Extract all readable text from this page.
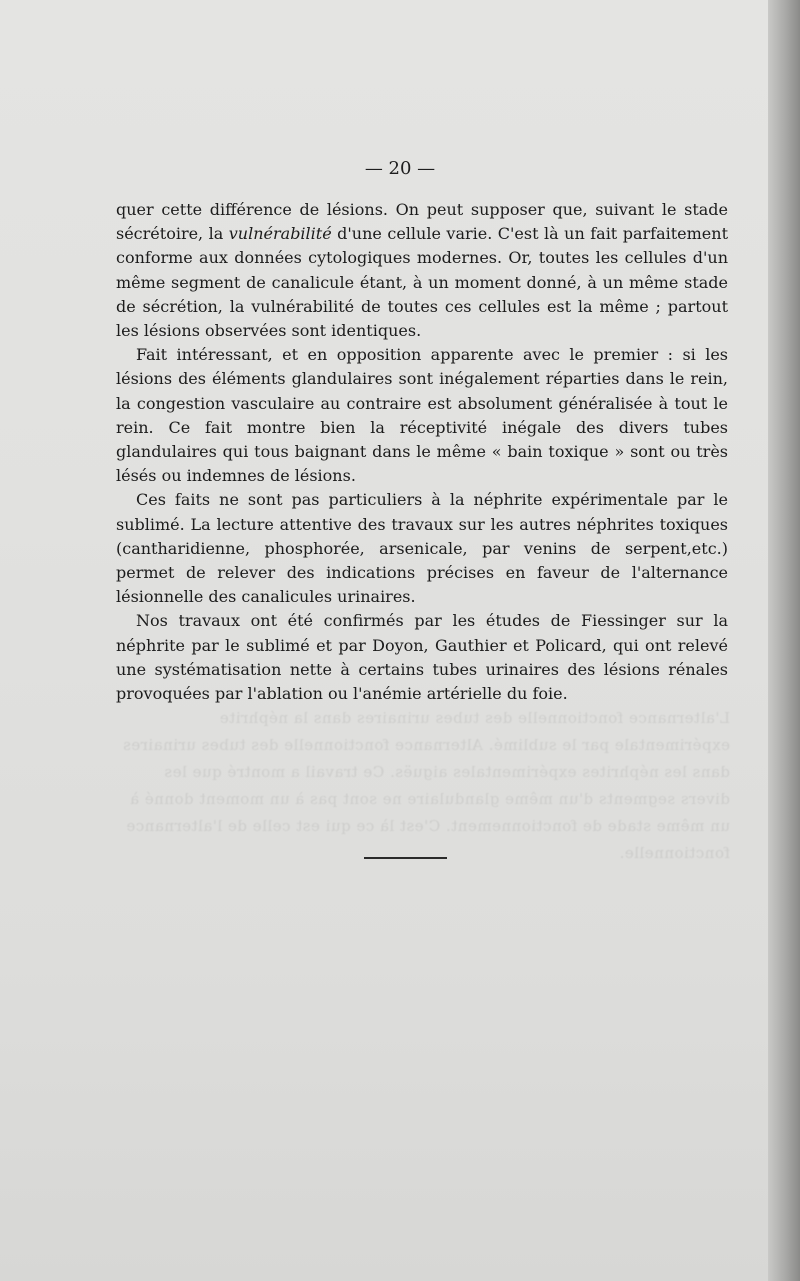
L'alternance fonctionnelle des tubes urinaires dans la néphrite expérimentale par le sublimé. Alternance fonctionnelle des tubes urinaires dans les néphrites expérimentales aiguës. Ce travail a montré que les divers segments d'un même glandulaire ne sont pas à un moment donné à un même stade de fonctionnement. C'est là ce qui est celle de l'alternance fonctionnelle.
— 20 —

quer cette différence de lésions. On peut supposer que, suivant le stade sécrétoire, la vulnérabilité d'une cellule varie. C'est là un fait parfaitement conforme aux données cytologiques modernes. Or, toutes les cellules d'un même segment de canalicule étant, à un moment donné, à un même stade de sécrétion, la vulnérabilité de toutes ces cellules est la même ; partout les lésions observées sont identiques.

Fait intéressant, et en opposition apparente avec le premier : si les lésions des éléments glandulaires sont inégalement réparties dans le rein, la congestion vasculaire au contraire est absolument généralisée à tout le rein. Ce fait montre bien la réceptivité inégale des divers tubes glandulaires qui tous baignant dans le même « bain toxique » sont ou très lésés ou indemnes de lésions.

Ces faits ne sont pas particuliers à la néphrite expérimentale par le sublimé. La lecture attentive des travaux sur les autres néphrites toxiques (cantharidienne, phosphorée, arsenicale, par venins de serpent,etc.) permet de relever des indications précises en faveur de l'alternance lésionnelle des canalicules urinaires.

Nos travaux ont été confirmés par les études de Fiessinger sur la néphrite par le sublimé et par Doyon, Gauthier et Policard, qui ont relevé une systématisation nette à certains tubes urinaires des lésions rénales provoquées par l'ablation ou l'anémie artérielle du foie.
